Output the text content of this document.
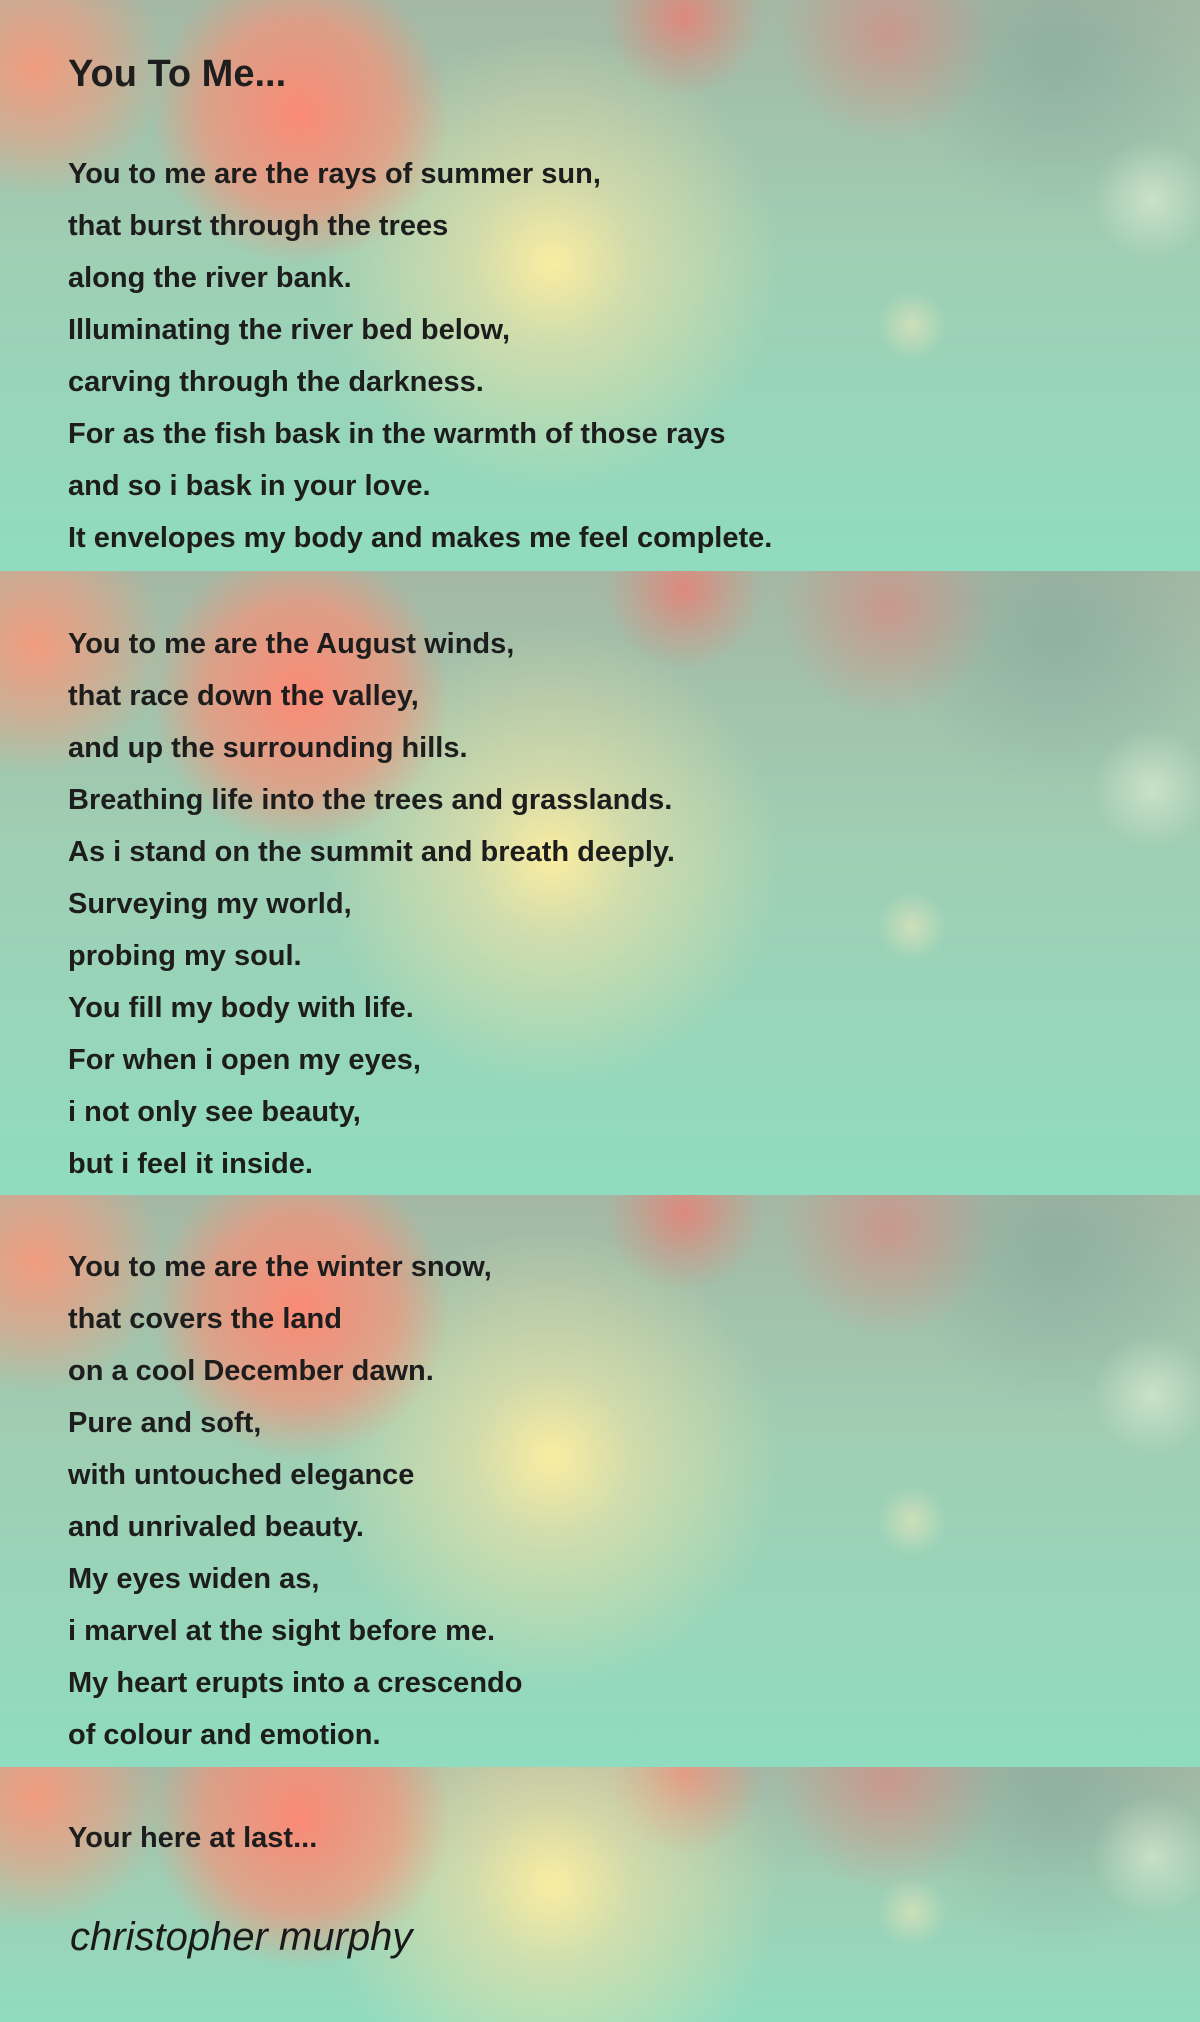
You To Me...
You to me are the rays of summer sun,
that burst through the trees
along the river bank.
Illuminating the river bed below,
carving through the darkness.
For as the fish bask in the warmth of those rays
and so i bask in your love.
It envelopes my body and makes me feel complete.
You to me are the August winds,
that race down the valley,
and up the surrounding hills.
Breathing life into the trees and grasslands.
As i stand on the summit and breath deeply.
Surveying my world,
probing my soul.
You fill my body with life.
For when i open my eyes,
i not only see beauty,
but i feel it inside.
You to me are the winter snow,
that covers the land
on a cool December dawn.
Pure and soft,
with untouched elegance
and unrivaled beauty.
My eyes widen as,
i marvel at the sight before me.
My heart erupts into a crescendo
of colour and emotion.
Your here at last...

christopher murphy
